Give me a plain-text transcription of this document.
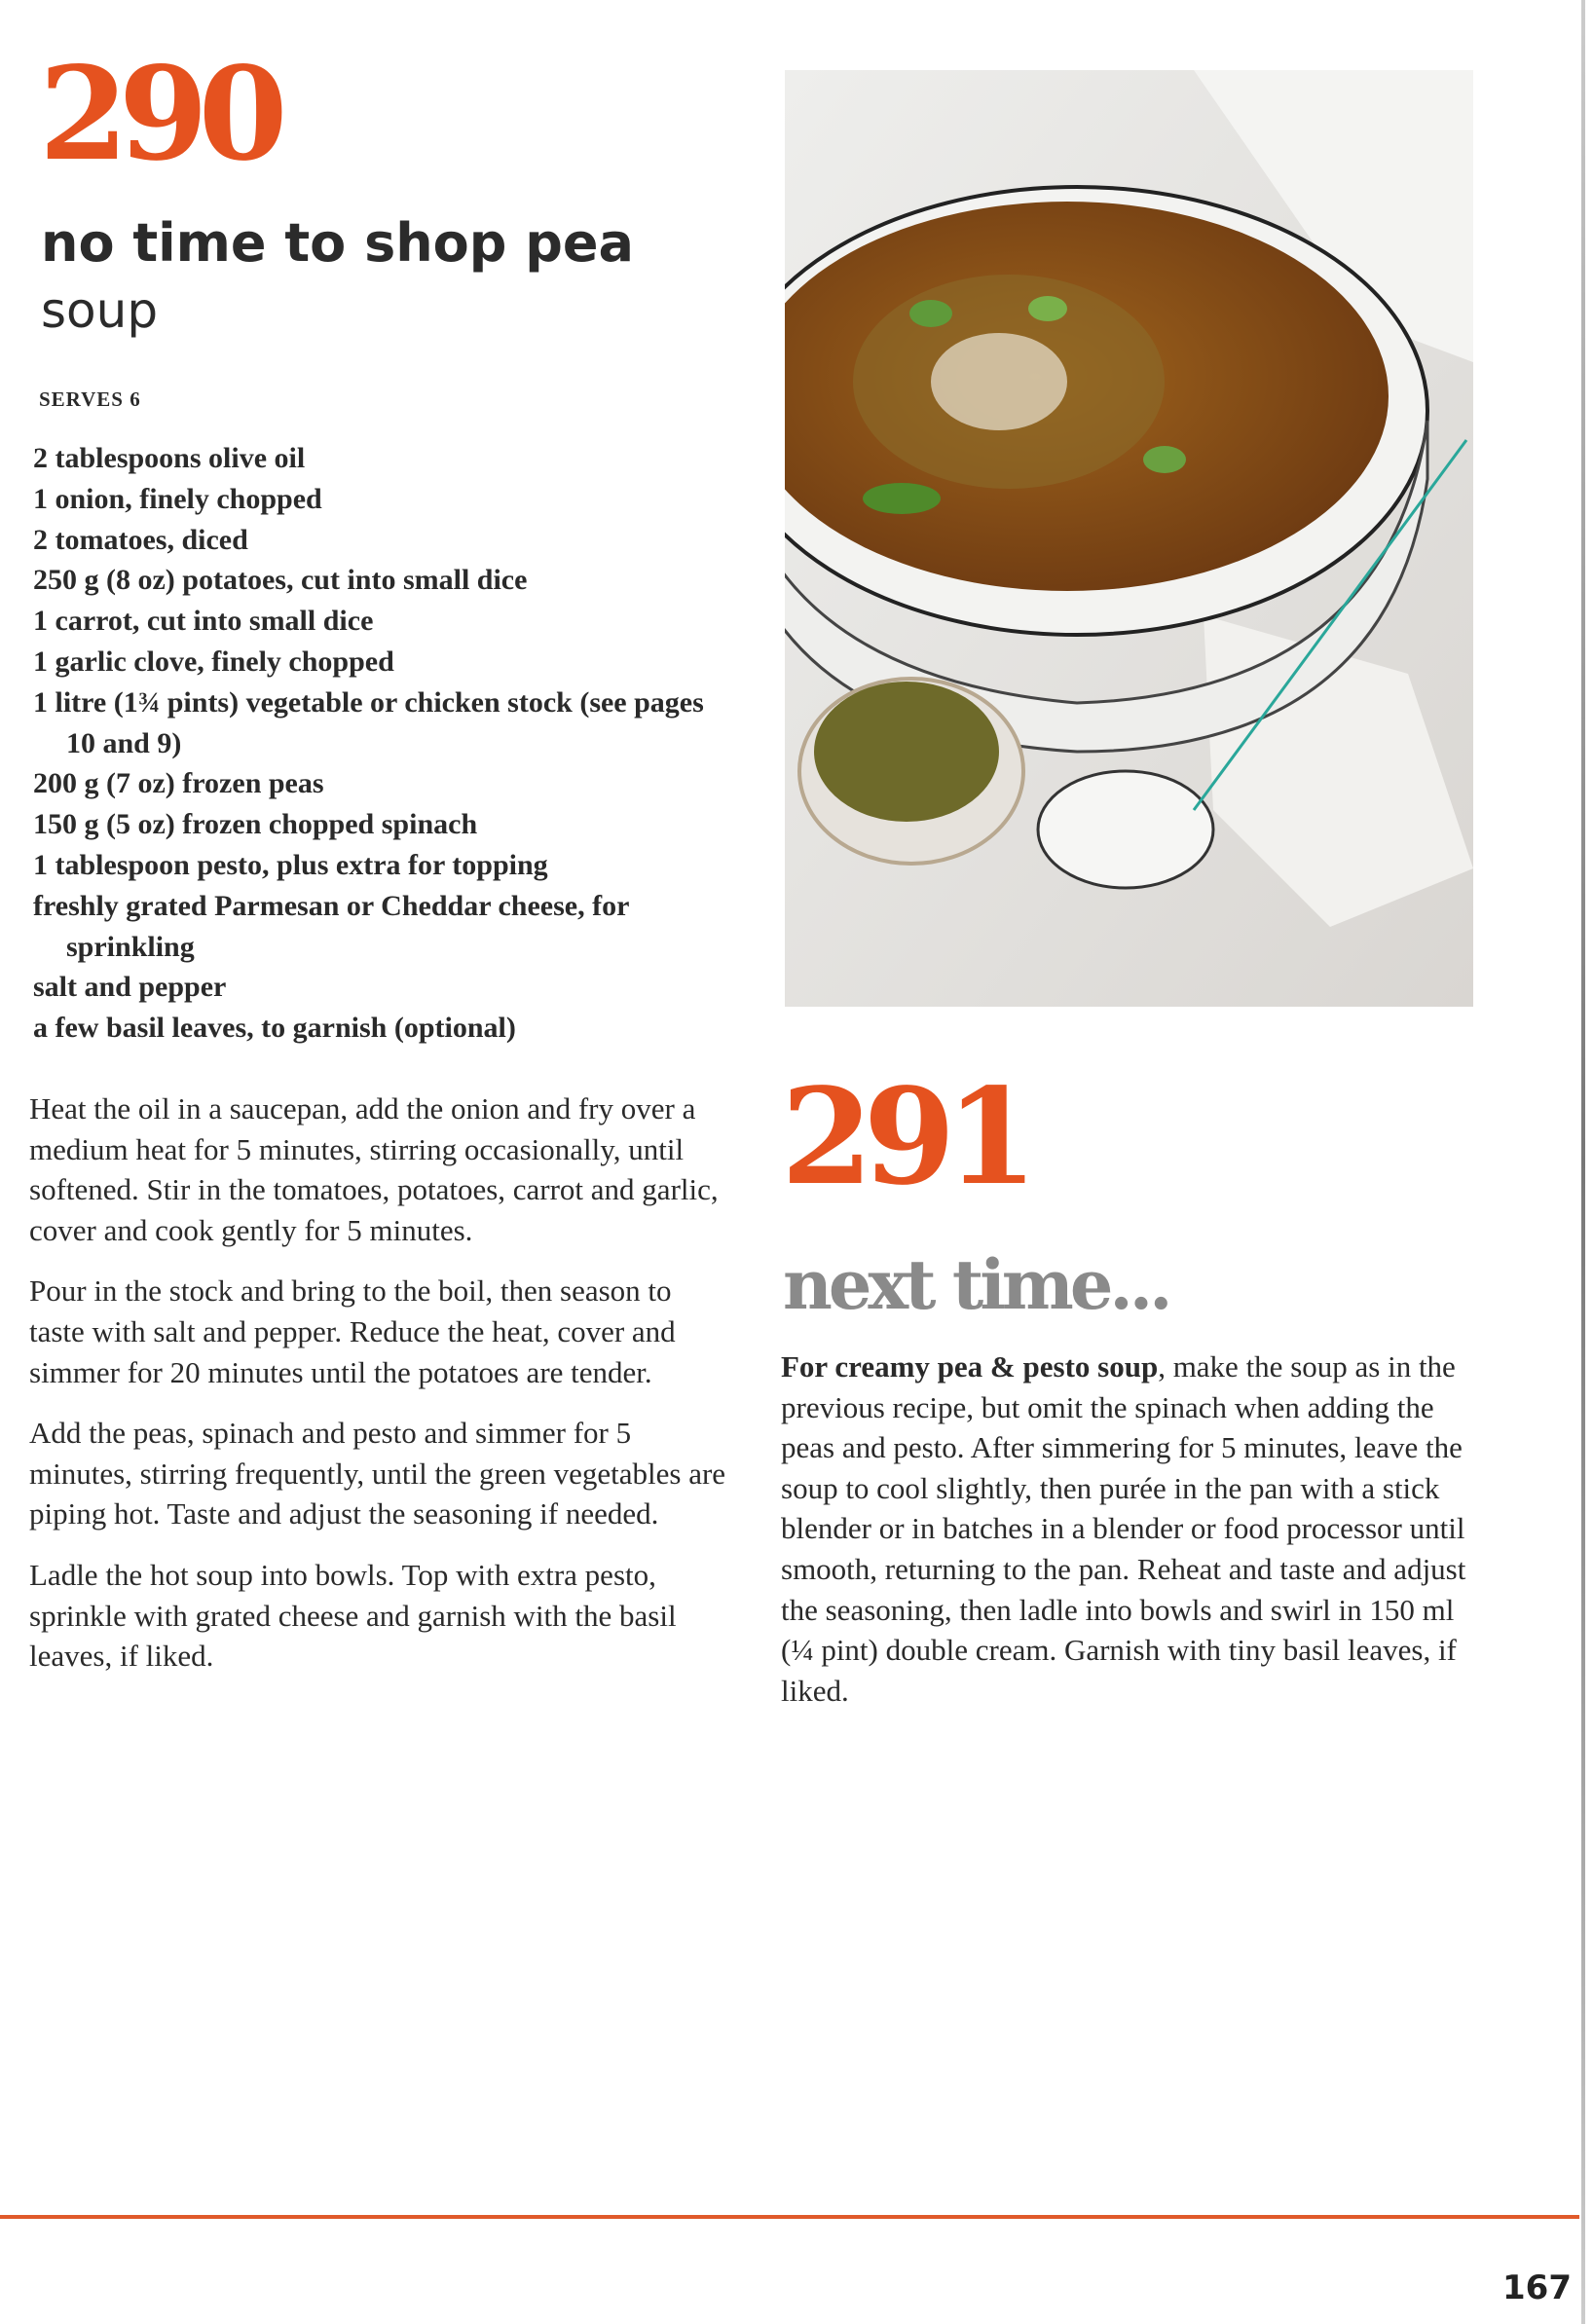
290
no time to shop pea
soup
SERVES 6
2 tablespoons olive oil
1 onion, finely chopped
2 tomatoes, diced
250 g (8 oz) potatoes, cut into small dice
1 carrot, cut into small dice
1 garlic clove, finely chopped
1 litre (1¾ pints) vegetable or chicken stock (see pages 10 and 9)
200 g (7 oz) frozen peas
150 g (5 oz) frozen chopped spinach
1 tablespoon pesto, plus extra for topping
freshly grated Parmesan or Cheddar cheese, for sprinkling
salt and pepper
a few basil leaves, to garnish (optional)

Heat the oil in a saucepan, add the onion and fry over a medium heat for 5 minutes, stirring occasionally, until softened. Stir in the tomatoes, potatoes, carrot and garlic, cover and cook gently for 5 minutes.

Pour in the stock and bring to the boil, then season to taste with salt and pepper. Reduce the heat, cover and simmer for 20 minutes until the potatoes are tender.

Add the peas, spinach and pesto and simmer for 5 minutes, stirring frequently, until the green vegetables are piping hot. Taste and adjust the seasoning if needed.

Ladle the hot soup into bowls. Top with extra pesto, sprinkle with grated cheese and garnish with the basil leaves, if liked.

291
next time...
For creamy pea & pesto soup, make the soup as in the previous recipe, but omit the spinach when adding the peas and pesto. After simmering for 5 minutes, leave the soup to cool slightly, then purée in the pan with a stick blender or in batches in a blender or food processor until smooth, returning to the pan. Reheat and taste and adjust the seasoning, then ladle into bowls and swirl in 150 ml (¼ pint) double cream. Garnish with tiny basil leaves, if liked.
167
